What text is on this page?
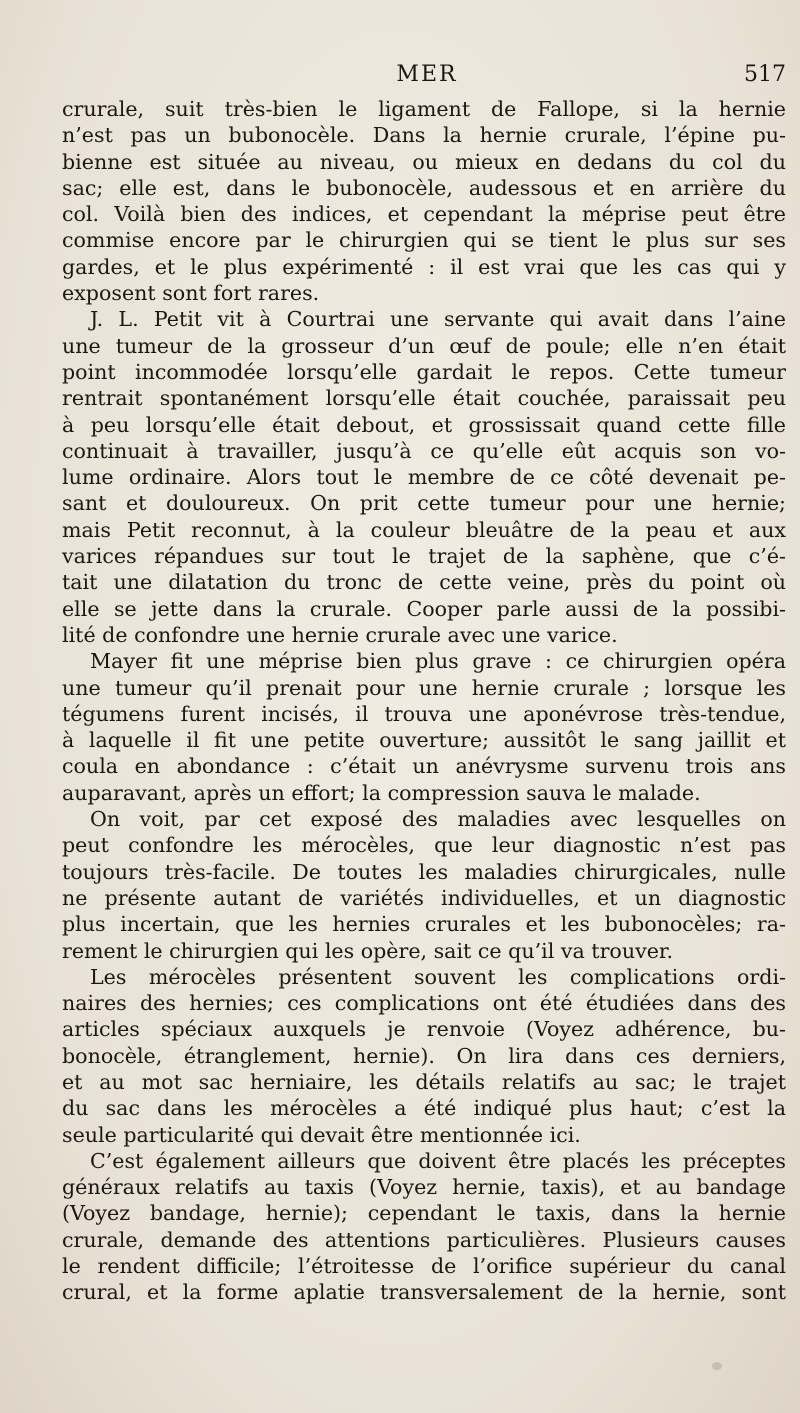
MER	517
crurale, suit très-bien le ligament de Fallope, si la hernie
n’est pas un bubonocèle. Dans la hernie crurale, l’épine pu-
bienne est située au niveau, ou mieux en dedans du col du
sac; elle est, dans le bubonocèle, audessous et en arrière du
col. Voilà bien des indices, et cependant la méprise peut être
commise encore par le chirurgien qui se tient le plus sur ses
gardes, et le plus expérimenté : il est vrai que les cas qui y
exposent sont fort rares.
J. L. Petit vit à Courtrai une servante qui avait dans l’aine
une tumeur de la grosseur d’un œuf de poule; elle n’en était
point incommodée lorsqu’elle gardait le repos. Cette tumeur
rentrait spontanément lorsqu’elle était couchée, paraissait peu
à peu lorsqu’elle était debout, et grossissait quand cette fille
continuait à travailler, jusqu’à ce qu’elle eût acquis son vo-
lume ordinaire. Alors tout le membre de ce côté devenait pe-
sant et douloureux. On prit cette tumeur pour une hernie;
mais Petit reconnut, à la couleur bleuâtre de la peau et aux
varices répandues sur tout le trajet de la saphène, que c’é-
tait une dilatation du tronc de cette veine, près du point où
elle se jette dans la crurale. Cooper parle aussi de la possibi-
lité de confondre une hernie crurale avec une varice.
Mayer fit une méprise bien plus grave : ce chirurgien opéra
une tumeur qu’il prenait pour une hernie crurale ; lorsque les
tégumens furent incisés, il trouva une aponévrose très-tendue,
à laquelle il fit une petite ouverture; aussitôt le sang jaillit et
coula en abondance : c’était un anévrysme survenu trois ans
auparavant, après un effort; la compression sauva le malade.
On voit, par cet exposé des maladies avec lesquelles on
peut confondre les mérocèles, que leur diagnostic n’est pas
toujours très-facile. De toutes les maladies chirurgicales, nulle
ne présente autant de variétés individuelles, et un diagnostic
plus incertain, que les hernies crurales et les bubonocèles; ra-
rement le chirurgien qui les opère, sait ce qu’il va trouver.
Les mérocèles présentent souvent les complications ordi-
naires des hernies; ces complications ont été étudiées dans des
articles spéciaux auxquels je renvoie (Voyez adhérence, bu-
bonocèle, étranglement, hernie). On lira dans ces derniers,
et au mot sac herniaire, les détails relatifs au sac; le trajet
du sac dans les mérocèles a été indiqué plus haut; c’est la
seule particularité qui devait être mentionnée ici.
C’est également ailleurs que doivent être placés les préceptes
généraux relatifs au taxis (Voyez hernie, taxis), et au bandage
(Voyez bandage, hernie); cependant le taxis, dans la hernie
crurale, demande des attentions particulières. Plusieurs causes
le rendent difficile; l’étroitesse de l’orifice supérieur du canal
crural, et la forme aplatie transversalement de la hernie, sont
